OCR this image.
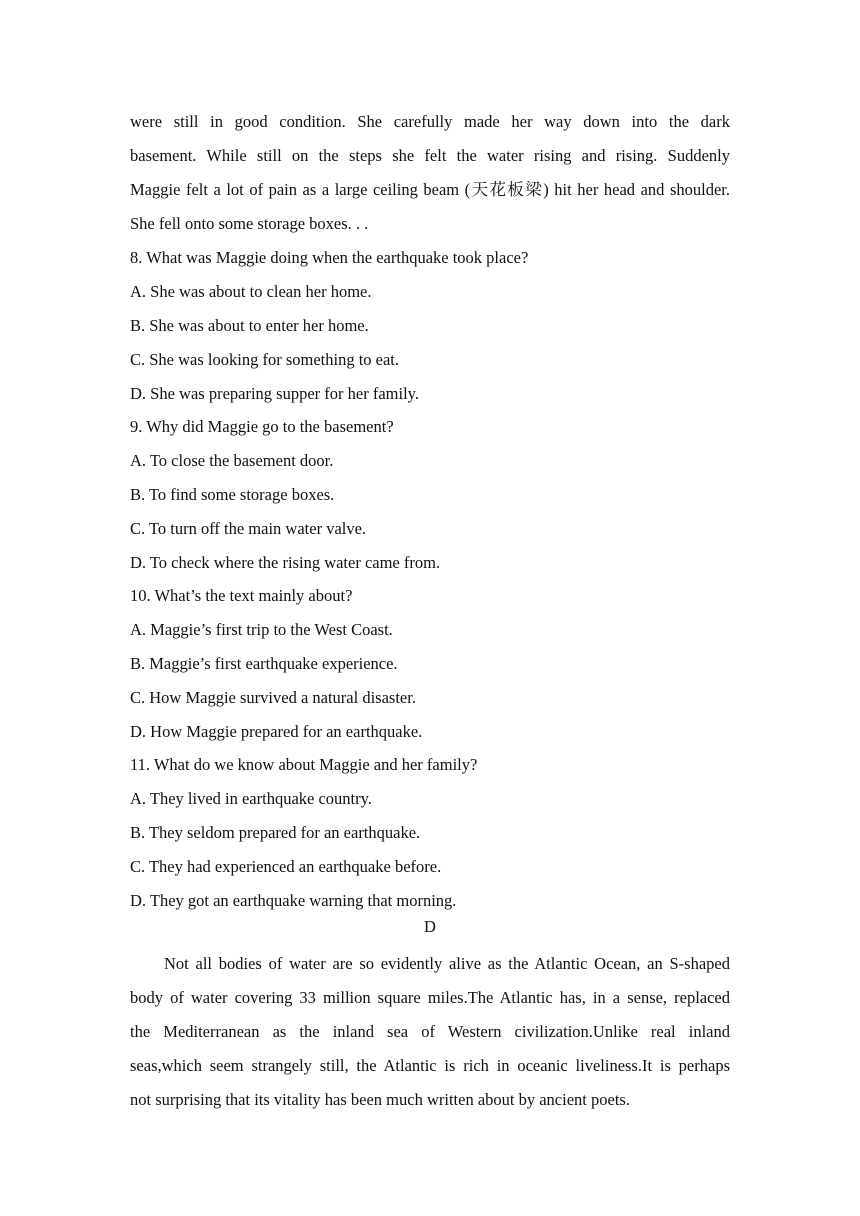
were still in good condition. She carefully made her way down into the dark
basement. While still on the steps she felt the water rising and rising. Suddenly
Maggie felt a lot of pain as a large ceiling beam (天花板梁) hit her head and shoulder.
She fell onto some storage boxes. . .
8. What was Maggie doing when the earthquake took place?
A. She was about to clean her home.
B. She was about to enter her home.
C. She was looking for something to eat.
D. She was preparing supper for her family.
9. Why did Maggie go to the basement?
A. To close the basement door.
B. To find some storage boxes.
C. To turn off the main water valve.
D. To check where the rising water came from.
10. What’s the text mainly about?
A. Maggie’s first trip to the West Coast.
B. Maggie’s first earthquake experience.
C. How Maggie survived a natural disaster.
D. How Maggie prepared for an earthquake.
11. What do we know about Maggie and her family?
A. They lived in earthquake country.
B. They seldom prepared for an earthquake.
C. They had experienced an earthquake before.
D. They got an earthquake warning that morning.
D
Not all bodies of water are so evidently alive as the Atlantic Ocean, an S-shaped
body of water covering 33 million square miles.The Atlantic has, in a sense, replaced
the Mediterranean as the inland sea of Western civilization.Unlike real inland
seas,which seem strangely still, the Atlantic is rich in oceanic liveliness.It is perhaps
not surprising that its vitality has been much written about by ancient poets.
